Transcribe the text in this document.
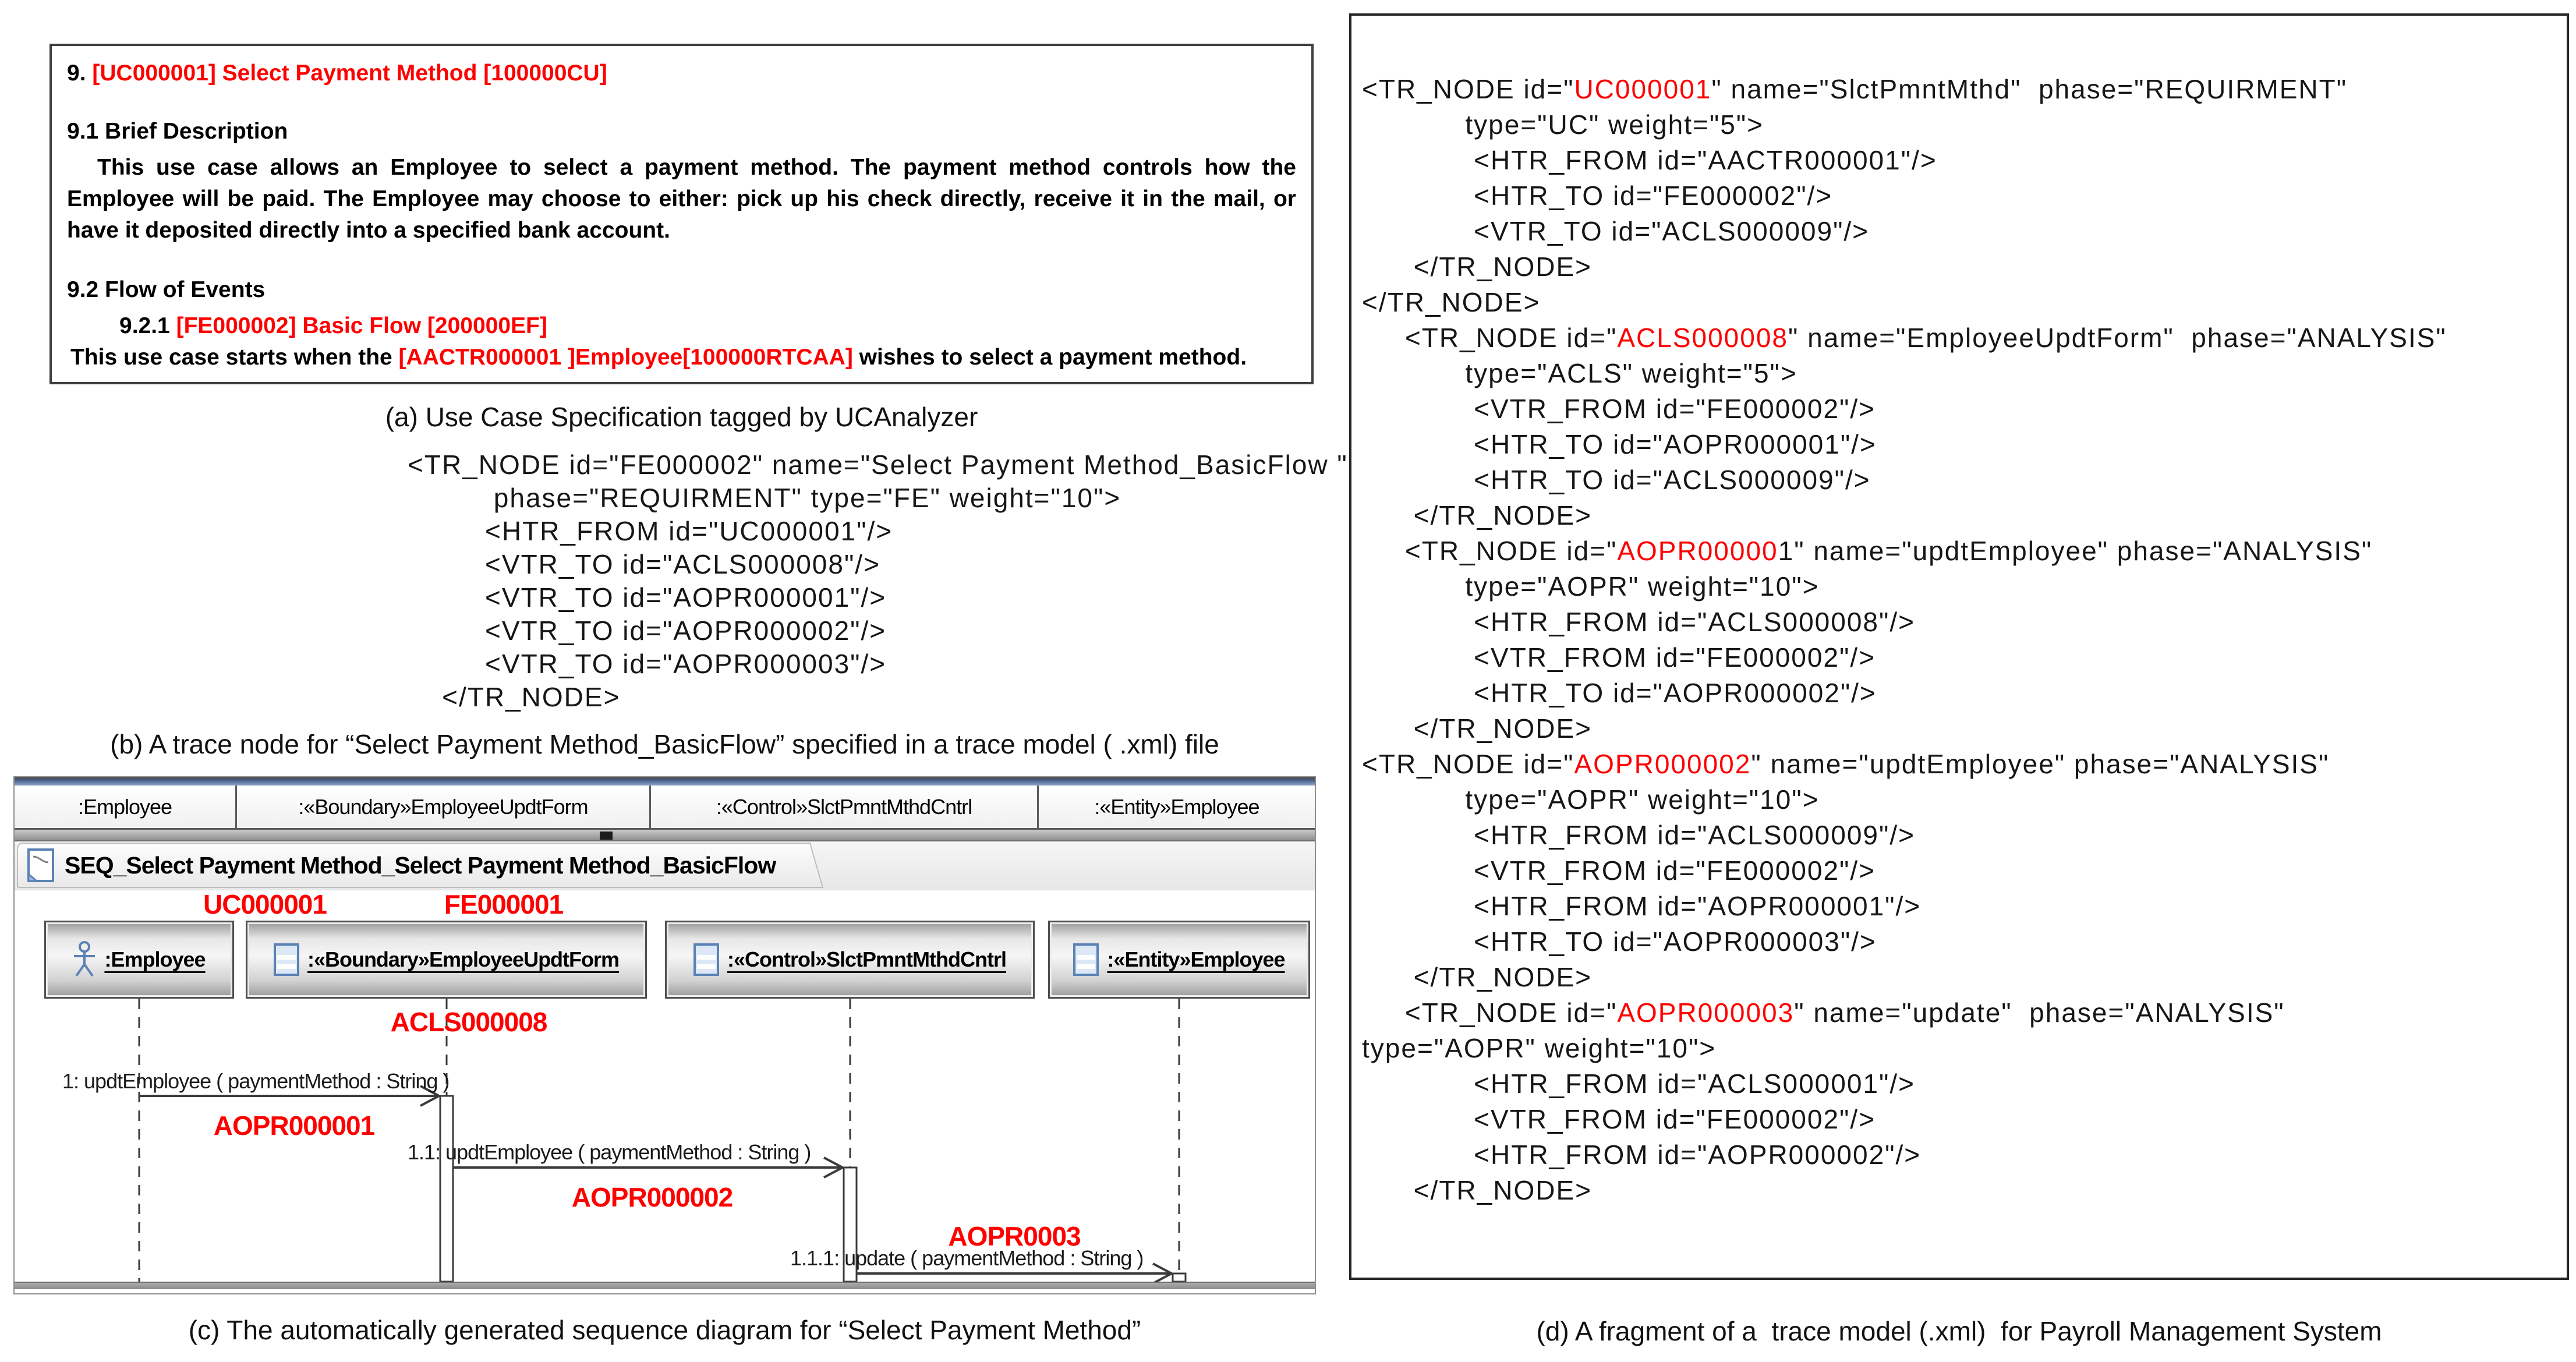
9. [UC000001] Select Payment Method [100000CU]
9.1 Brief Description
This use case allows an Employee to select a payment method. The payment method controls how the Employee will be paid. The Employee may choose to either: pick up his check directly, receive it in the mail, or have it deposited directly into a specified bank account.
9.2 Flow of Events
9.2.1 [FE000002] Basic Flow [200000EF]
This use case starts when the [AACTR000001 ]Employee[100000RTCAA] wishes to select a payment method.
(a) Use Case Specification tagged by UCAnalyzer
<TR_NODE id="FE000002" name="Select Payment Method_BasicFlow "
phase="REQUIRMENT" type="FE" weight="10">
<HTR_FROM id="UC000001"/>
<VTR_TO id="ACLS000008"/>
<VTR_TO id="AOPR000001"/>
<VTR_TO id="AOPR000002"/>
<VTR_TO id="AOPR000003"/>
</TR_NODE>
(b) A trace node for “Select Payment Method_BasicFlow” specified in a trace model ( .xml) file
:Employee	:«Boundary»EmployeeUpdtForm	:«Control»SlctPmntMthdCntrl	:«Entity»Employee
SEQ_Select Payment Method_Select Payment Method_BasicFlow
UC000001	FE000001
:Employee	:«Boundary»EmployeeUpdtForm	:«Control»SlctPmntMthdCntrl	:«Entity»Employee
ACLS000008
1: updtEmployee ( paymentMethod : String )
AOPR000001
1.1: updtEmployee ( paymentMethod : String )
AOPR000002
AOPR0003
1.1.1: update ( paymentMethod : String )
(c) The automatically generated sequence diagram for “Select Payment Method”
<TR_NODE id="UC000001" name="SlctPmntMthd"  phase="REQUIRMENT"
type="UC" weight="5">
<HTR_FROM id="AACTR000001"/>
<HTR_TO id="FE000002"/>
<VTR_TO id="ACLS000009"/>
</TR_NODE>
</TR_NODE>
<TR_NODE id="ACLS000008" name="EmployeeUpdtForm"  phase="ANALYSIS"
type="ACLS" weight="5">
<VTR_FROM id="FE000002"/>
<HTR_TO id="AOPR000001"/>
<HTR_TO id="ACLS000009"/>
</TR_NODE>
<TR_NODE id="AOPR000001" name="updtEmployee" phase="ANALYSIS"
type="AOPR" weight="10">
<HTR_FROM id="ACLS000008"/>
<VTR_FROM id="FE000002"/>
<HTR_TO id="AOPR000002"/>
</TR_NODE>
<TR_NODE id="AOPR000002" name="updtEmployee" phase="ANALYSIS"
type="AOPR" weight="10">
<HTR_FROM id="ACLS000009"/>
<VTR_FROM id="FE000002"/>
<HTR_FROM id="AOPR000001"/>
<HTR_TO id="AOPR000003"/>
</TR_NODE>
<TR_NODE id="AOPR000003" name="update"  phase="ANALYSIS"
type="AOPR" weight="10">
<HTR_FROM id="ACLS000001"/>
<VTR_FROM id="FE000002"/>
<HTR_FROM id="AOPR000002"/>
</TR_NODE>
(d) A fragment of a  trace model (.xml)  for Payroll Management System
